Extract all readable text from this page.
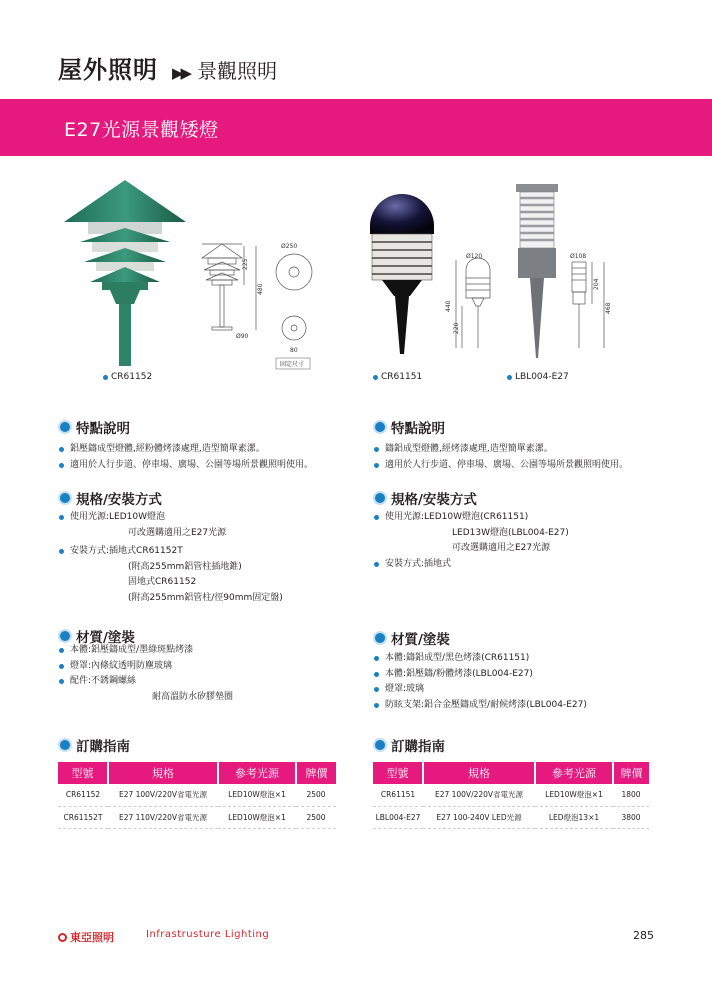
屋外照明 ▶▶ 景觀照明
E27光源景觀矮燈
Ø250
225
480
Ø90
80
固定尺寸
Ø120
440
220
Ø108
204
468
CR61152	CR61151	LBL004-E27
特點說明
鋁壓鑄成型燈體,經粉體烤漆處理,造型簡單素潔。
適用於人行步道、停車場、廣場、公園等場所景觀照明使用。
規格/安裝方式
使用光源:LED10W燈泡
可改選購適用之E27光源
安裝方式:插地式CR61152T
(附高255mm鋁管柱插地錐)
固地式CR61152
(附高255mm鋁管柱/徑90mm固定盤)
材質/塗裝
本體:鋁壓鑄成型/墨綠斑點烤漆
燈罩:內條紋透明防塵玻璃
配件:不銹鋼螺絲
耐高溫防水矽膠墊圈
訂購指南
型號	規格	參考光源	牌價
CR61152	E27 100V/220V省電光源	LED10W燈泡×1	2500
CR61152T	E27 110V/220V省電光源	LED10W燈泡×1	2500
特點說明
鑄鋁成型燈體,經烤漆處理,造型簡單素潔。
適用於人行步道、停車場、廣場、公園等場所景觀照明使用。
規格/安裝方式
使用光源:LED10W燈泡(CR61151)
LED13W燈泡(LBL004-E27)
可改選購適用之E27光源
安裝方式:插地式
材質/塗裝
本體:鑄鋁成型/黑色烤漆(CR61151)
本體:鋁壓鑄/粉體烤漆(LBL004-E27)
燈罩:玻璃
防眩支架:鋁合金壓鑄成型/耐候烤漆(LBL004-E27)
訂購指南
型號	規格	參考光源	牌價
CR61151	E27 100V/220V省電光源	LED10W燈泡×1	1800
LBL004-E27	E27 100-240V LED光源	LED燈泡13×1	3800
東亞照明	Infrastrusture Lighting	285
